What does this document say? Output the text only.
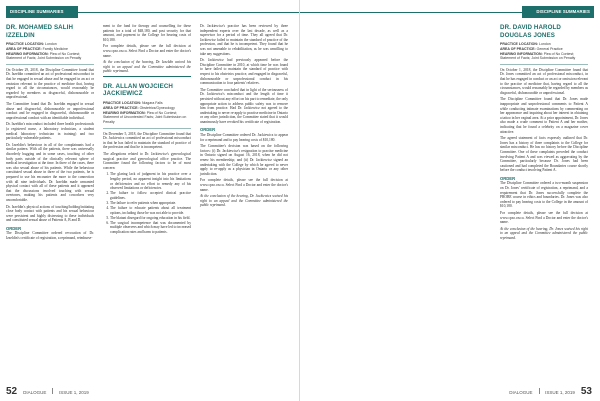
DISCIPLINE SUMMARIES
DR. MOHAMED SALIH IZZELDIN
PRACTICE LOCATION: London
AREA OF PRACTICE: Family Medicine
HEARING INFORMATION: Plea of No Contest; Statement of Facts; Joint Submission on Penalty

On October 29, 2018, the Discipline Committee found that Dr. Izzeldin committed an act of professional misconduct in that he engaged in sexual abuse and he engaged in an act or omission relevant to the practice of medicine that, having regard to all the circumstances, would reasonably be regarded by members as disgraceful, dishonourable or unprofessional.

The Committee found that Dr. Izzeldin engaged in sexual abuse and disgraceful, dishonourable or unprofessional conduct and he engaged in disgraceful, dishonourable or unprofessional conduct with an identifiable individual.

Dr. Izzeldin's misconduct included three health professionals (a registered nurse, a laboratory technician, a student medical laboratory technician in training) and two particularly vulnerable patients.

Dr. Izzeldin's behaviour in all of the complainants had a similar pattern. With all the patients, there was universally disorderly hugging and in some cases, touching of other body parts outside of the clinically relevant sphere of medical investigation at the time. In three of the cases, there was also sexual abuse of his patients. While the behaviour constituted sexual abuse in three of the two patients, he is prepared to use his encounter the more to the connection with all nine individuals. Dr. Izzeldin made unwanted physical contact with all of these patients and it appeared that the discussions involved touching with sexual overtones, making his patients and coworkers very uncomfortable.

Dr. Izzeldin's physical actions of touching/holding/initiating close body contact with patients and his sexual behaviour were persistent and highly distressing to these individuals and constituted sexual abuse of Patients A, B and D.

ORDER

The Discipline Committee ordered revocation of Dr. Izzeldin's certificate of registration, a reprimand, reimburse-

ment to the fund for therapy and counselling for these patients for a total of $48,180, and post security for that amount, and payment to the College for hearing costs of $10,180.

For complete details, please see the full decision at www.cpso.on.ca. Select Find a Doctor and enter the doctor's name.

At the conclusion of the hearing, Dr. Izzeldin waived his right to an appeal and the Committee administered the public reprimand.

DR. ALLAN WOJCIECH JACKIEWICZ
PRACTICE LOCATION: Niagara Falls
AREA OF PRACTICE: Obstetrics/Gynecology
HEARING INFORMATION: Plea of No Contest; Statement of Uncontested Facts; Joint Submission on Penalty

On December 5, 2018, the Discipline Committee found that Dr. Jackiewicz committed an act of professional misconduct in that he has failed to maintain the standard of practice of the profession and that he is incompetent.

The allegations related to Dr. Jackiewicz's gynecological surgical practice and gynecological office practice. The Committee found the following factors to be of most concern:

1. The glaring lack of judgment in his practice over a lengthy period, no apparent insight into his limitations or deficiencies and no effort to remedy any of his observed limitations or deficiencies.
2. The failure to follow accepted clinical practice guidelines.
3. The failure to refer patients when appropriate.
4. The failure to educate patients about all treatment options, including those he was not able to provide.
5. The blatant disregard for ongoing education in his field.
6. The surgical incompetence that was documented by multiple observers and which may have led to increased complication rates and harm to patients.

Dr. Jackiewicz's practice has been reviewed by three independent experts over the last decade, as well as a supervisor for a period of time. They all agreed that Dr. Jackiewicz failed to maintain the standard of practice of the profession, and that he is incompetent. They found that he was not amenable to rehabilitation, as he was unwilling to take any suggestions.

Dr. Jackiewicz had previously appeared before the Discipline Committee in 2010, at which time he was found to have failed to maintain the standard of practice with respect to his obstetrics practice, and engaged in disgraceful, dishonourable or unprofessional conduct in his communication to four patients' relatives.

The Committee concluded that in light of the seriousness of Dr. Jackiewicz's misconduct and the length of time it persisted without any effort on his part to remediate, the only appropriate action to address public safety was to remove him from practice. Had Dr. Jackiewicz not agreed to the undertaking to never re-apply to practise medicine in Ontario or any other jurisdiction, the Committee stated that it would unanimously have revoked his certificate of registration.

ORDER

The Discipline Committee ordered Dr. Jackiewicz to appear for a reprimand and to pay hearing costs of $10,180.

The Committee's decision was based on the following factors: (i) Dr. Jackiewicz's resignation to practise medicine in Ontario signed on August 16, 2018, when he did not renew his membership; and (ii) Dr. Jackiewicz signed an undertaking with the College by which he agreed to never apply to re-apply as a physician in Ontario or any other jurisdiction.

For complete details, please see the full decision at www.cpso.on.ca. Select Find a Doctor and enter the doctor's name.

At the conclusion of the hearing, Dr. Jackiewicz waived his right to an appeal and the Committee administered the public reprimand.

52 DIALOGUE	ISSUE 1, 2019
DISCIPLINE SUMMARIES
DR. DAVID HAROLD DOUGLAS JONES
PRACTICE LOCATION: London
AREA OF PRACTICE: General Practice
HEARING INFORMATION: Plea of No Contest; Statement of Facts; Joint Submission on Penalty

On October 1, 2018, the Discipline Committee found that Dr. Jones committed an act of professional misconduct, in that he has engaged in conduct or an act or omission relevant to the practice of medicine that, having regard to all the circumstances, would reasonably be regarded by members as disgraceful, dishonourable or unprofessional.

The Discipline Committee found that Dr. Jones made inappropriate and unprofessional comments to Patient A while conducting intimate examinations by commenting on her appearance and inquiring about her interest in obtaining a tattoo in her vaginal area. At a prior appointment, Dr. Jones also made a crude comment to Patient A and her mother, indicating that he found a celebrity on a magazine cover attractive.

The agreed statement of facts expressly outlined that Dr. Jones has a history of three complaints to the College for similar misconduct. He has no history before the Discipline Committee. One of these complaints preceded the conduct involving Patient A and was viewed as aggravating by the Committee, particularly because Dr. Jones had been cautioned and had completed the Boundaries course shortly before the conduct involving Patient A.

ORDER

The Discipline Committee ordered a two-month suspension on Dr. Jones' certificate of registration, a reprimand, and a requirement that Dr. Jones successfully complete the PROBE course in ethics and boundaries. Dr. Jones was also ordered to pay hearing costs to the College in the amount of $10,180.

For complete details, please see the full decision at www.cpso.on.ca. Select Find a Doctor and enter the doctor's name.

At the conclusion of the hearing, Dr. Jones waived his right to an appeal and the Committee administered the public reprimand.

DIALOGUE	ISSUE 1, 2019 53
